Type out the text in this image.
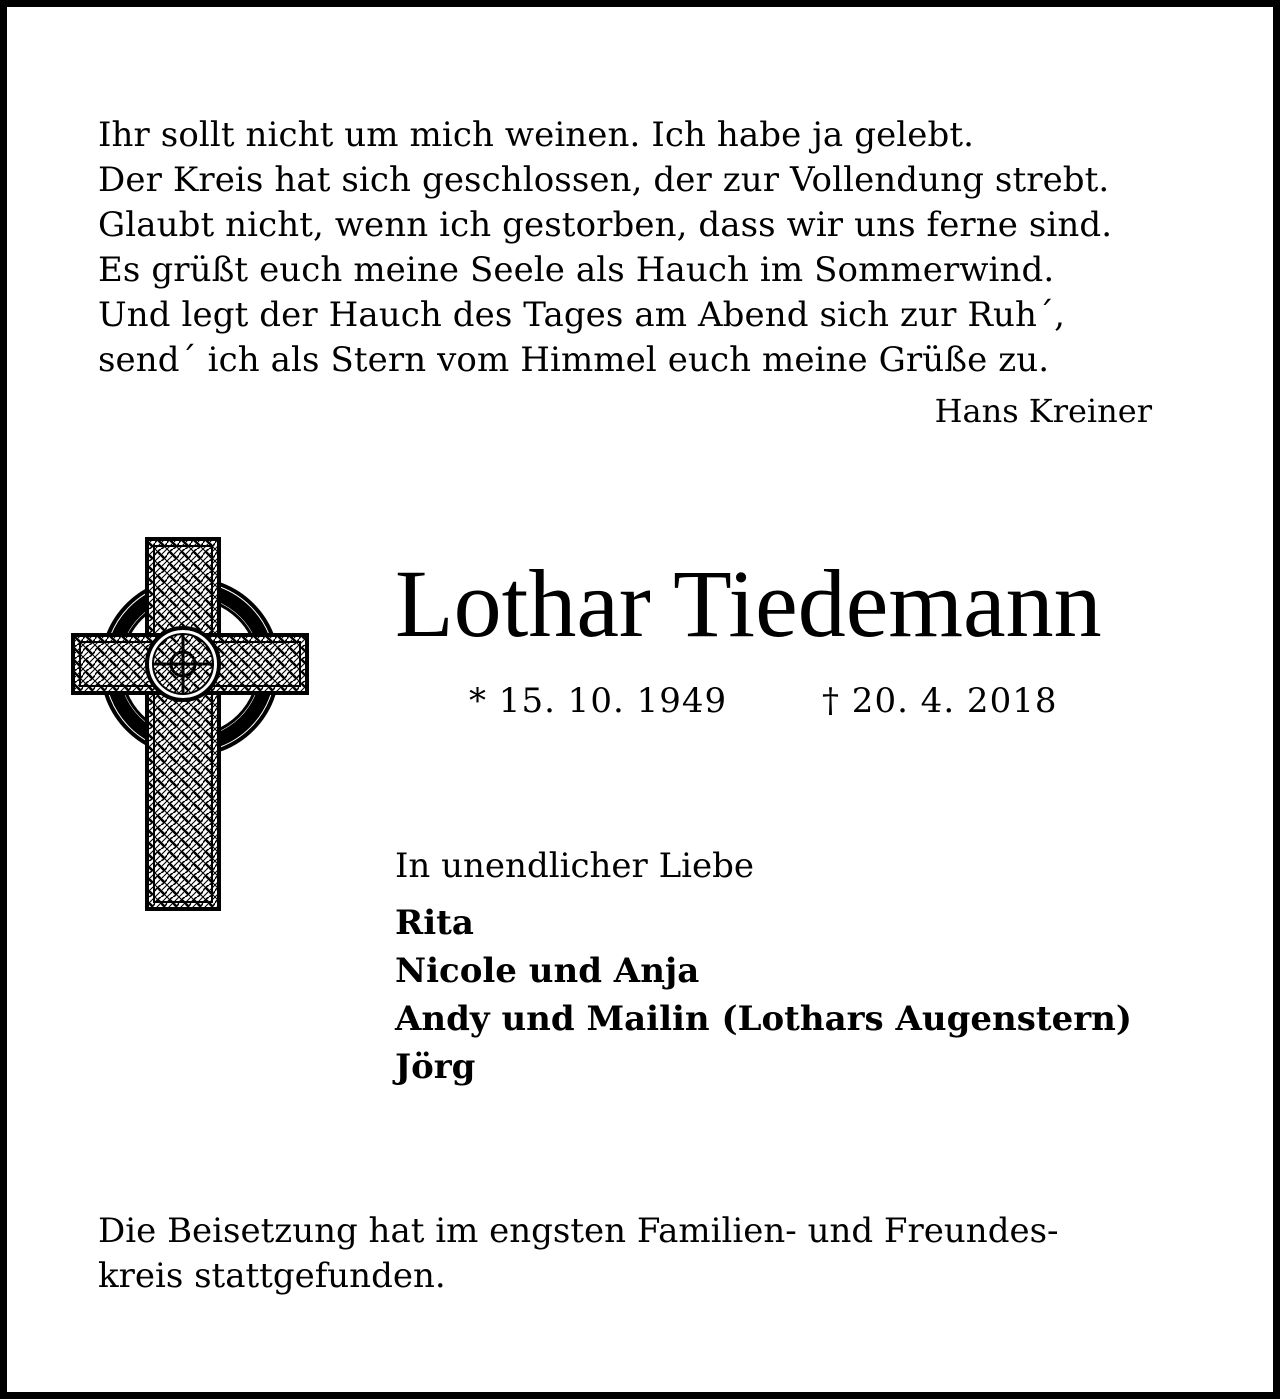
Ihr sollt nicht um mich weinen. Ich habe ja gelebt.
Der Kreis hat sich geschlossen, der zur Vollendung strebt.
Glaubt nicht, wenn ich gestorben, dass wir uns ferne sind.
Es grüßt euch meine Seele als Hauch im Sommerwind.
Und legt der Hauch des Tages am Abend sich zur Ruh´,
send´ ich als Stern vom Himmel euch meine Grüße zu.
Hans Kreiner
Lothar Tiedemann
* 15. 10. 1949	† 20. 4. 2018
In unendlicher Liebe
Rita
Nicole und Anja
Andy und Mailin (Lothars Augenstern)
Jörg
Die Beisetzung hat im engsten Familien- und Freundes-
kreis stattgefunden.
